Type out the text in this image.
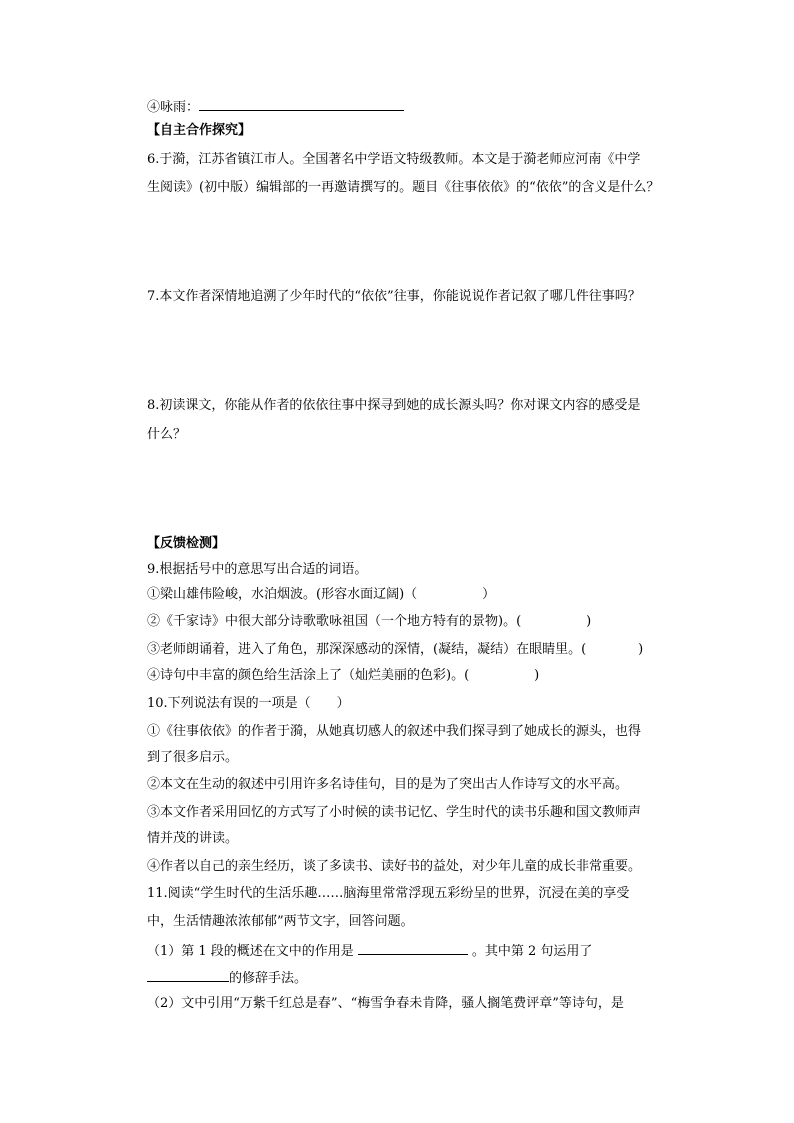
④咏雨：
【自主合作探究】
6.于漪，江苏省镇江市人。全国著名中学语文特级教师。本文是于漪老师应河南《中学
生阅读》(初中版）编辑部的一再邀请撰写的。题目《往事依依》的“依依”的含义是什么？
7.本文作者深情地追溯了少年时代的“依依”往事，你能说说作者记叙了哪几件往事吗？
8.初读课文，你能从作者的依依往事中探寻到她的成长源头吗？你对课文内容的感受是
什么？
【反馈检测】
9.根据括号中的意思写出合适的词语。
①梁山雄伟险峻，水泊烟波。(形容水面辽阔)（　　　　　）
②《千家诗》中很大部分诗歌歌咏祖国（一个地方特有的景物)。(　　　　　)
③老师朗诵着，进入了角色，那深深感动的深情，(凝结，凝结）在眼睛里。(　　　　)
④诗句中丰富的颜色给生活涂上了（灿烂美丽的色彩)。(　　　　　)
10.下列说法有误的一项是（　　）
①《往事依依》的作者于漪，从她真切感人的叙述中我们探寻到了她成长的源头，也得
到了很多启示。
②本文在生动的叙述中引用许多名诗佳句，目的是为了突出古人作诗写文的水平高。
③本文作者采用回忆的方式写了小时候的读书记忆、学生时代的读书乐趣和国文教师声
情并茂的讲读。
④作者以自己的亲生经历，谈了多读书、读好书的益处，对少年儿童的成长非常重要。
11.阅读“学生时代的生活乐趣……脑海里常常浮现五彩纷呈的世界，沉浸在美的享受
中，生活情趣浓浓郁郁”两节文字，回答问题。
（1）第 1 段的概述在文中的作用是	。其中第 2 句运用了
的修辞手法。
（2）文中引用“万紫千红总是春”、“梅雪争春未肯降，骚人搁笔费评章”等诗句，是
